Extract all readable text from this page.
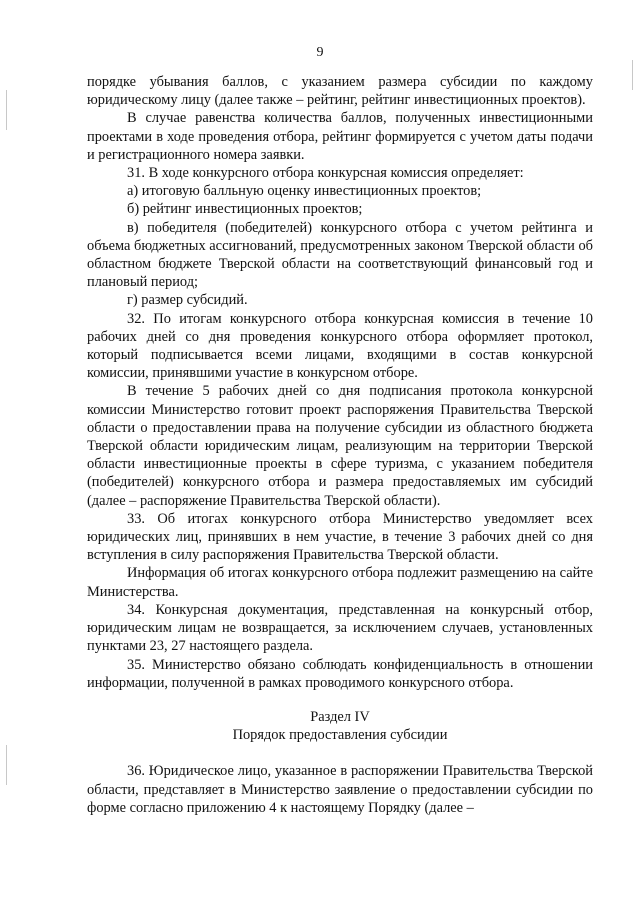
9

порядке убывания баллов, с указанием размера субсидии по каждому юридическому лицу (далее также – рейтинг, рейтинг инвестиционных проектов).

В случае равенства количества баллов, полученных инвестиционными проектами в ходе проведения отбора, рейтинг формируется с учетом даты подачи и регистрационного номера заявки.

31. В ходе конкурсного отбора конкурсная комиссия определяет:

а) итоговую балльную оценку инвестиционных проектов;

б) рейтинг инвестиционных проектов;

в) победителя (победителей) конкурсного отбора с учетом рейтинга и объема бюджетных ассигнований, предусмотренных законом Тверской области об областном бюджете Тверской области на соответствующий финансовый год и плановый период;

г) размер субсидий.

32. По итогам конкурсного отбора конкурсная комиссия в течение 10 рабочих дней со дня проведения конкурсного отбора оформляет протокол, который подписывается всеми лицами, входящими в состав конкурсной комиссии, принявшими участие в конкурсном отборе.

В течение 5 рабочих дней со дня подписания протокола конкурсной комиссии Министерство готовит проект распоряжения Правительства Тверской области о предоставлении права на получение субсидии из областного бюджета Тверской области юридическим лицам, реализующим на территории Тверской области инвестиционные проекты в сфере туризма, с указанием победителя (победителей) конкурсного отбора и размера предоставляемых им субсидий (далее – распоряжение Правительства Тверской области).

33. Об итогах конкурсного отбора Министерство уведомляет всех юридических лиц, принявших в нем участие, в течение 3 рабочих дней со дня вступления в силу распоряжения Правительства Тверской области.

Информация об итогах конкурсного отбора подлежит размещению на сайте Министерства.

34. Конкурсная документация, представленная на конкурсный отбор, юридическим лицам не возвращается, за исключением случаев, установленных пунктами 23, 27 настоящего раздела.

35. Министерство обязано соблюдать конфиденциальность в отношении информации, полученной в рамках проводимого конкурсного отбора.

Раздел IV

Порядок предоставления субсидии

36. Юридическое лицо, указанное в распоряжении Правительства Тверской области, представляет в Министерство заявление о предоставлении субсидии по форме согласно приложению 4 к настоящему Порядку (далее –
